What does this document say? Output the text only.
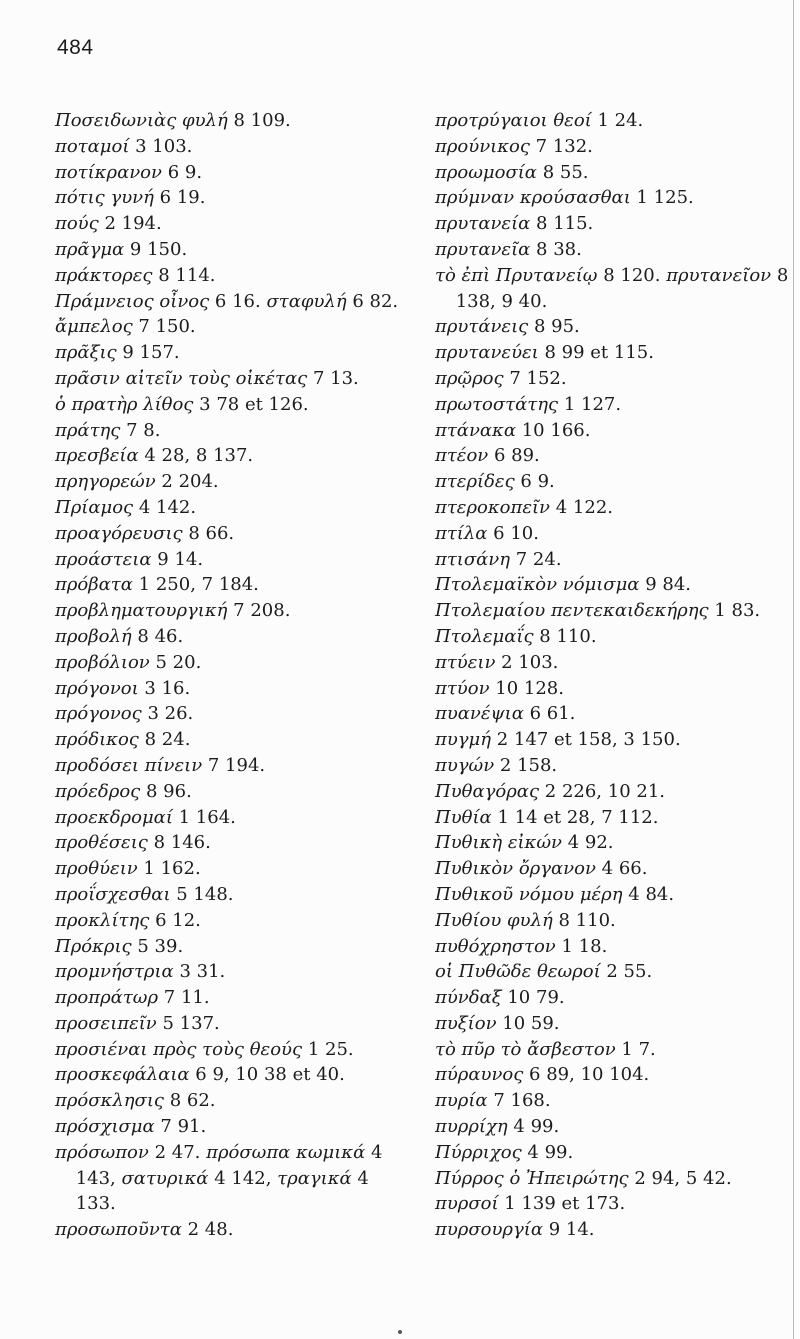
484
Ποσειδωνιὰς φυλή 8 109.
ποταμοί 3 103.
ποτίκρανον 6 9.
πότις γυνή 6 19.
πούς 2 194.
πρᾶγμα 9 150.
πράκτορες 8 114.
Πράμνειος οἶνος 6 16. σταφυλή 6 82.
ἄμπελος 7 150.
πρᾶξις 9 157.
πρᾶσιν αἰτεῖν τοὺς οἰκέτας 7 13.
ὁ πρατὴρ λίθος 3 78 et 126.
πράτης 7 8.
πρεσβεία 4 28, 8 137.
πρηγορεών 2 204.
Πρίαμος 4 142.
προαγόρευσις 8 66.
προάστεια 9 14.
πρόβατα 1 250, 7 184.
προβληματουργική 7 208.
προβολή 8 46.
προβόλιον 5 20.
πρόγονοι 3 16.
πρόγονος 3 26.
πρόδικος 8 24.
προδόσει πίνειν 7 194.
πρόεδρος 8 96.
προεκδρομαί 1 164.
προθέσεις 8 146.
προθύειν 1 162.
προΐσχεσθαι 5 148.
προκλίτης 6 12.
Πρόκρις 5 39.
προμνήστρια 3 31.
προπράτωρ 7 11.
προσειπεῖν 5 137.
προσιέναι πρὸς τοὺς θεούς 1 25.
προσκεφάλαια 6 9, 10 38 et 40.
πρόσκλησις 8 62.
πρόσχισμα 7 91.
πρόσωπον 2 47. πρόσωπα κωμικά 4 143, σατυρικά 4 142, τραγικά 4 133.
προσωποῦντα 2 48.
προτρύγαιοι θεοί 1 24.
προύνικος 7 132.
προωμοσία 8 55.
πρύμναν κρούσασθαι 1 125.
πρυτανεία 8 115.
πρυτανεῖα 8 38.
τὸ ἐπὶ Πρυτανείῳ 8 120. πρυτανεῖον 8 138, 9 40.
πρυτάνεις 8 95.
πρυτανεύει 8 99 et 115.
πρῷρος 7 152.
πρωτοστάτης 1 127.
πτάνακα 10 166.
πτέον 6 89.
πτερίδες 6 9.
πτεροκοπεῖν 4 122.
πτίλα 6 10.
πτισάνη 7 24.
Πτολεμαϊκὸν νόμισμα 9 84.
Πτολεμαίου πεντεκαιδεκήρης 1 83.
Πτολεμαΐς 8 110.
πτύειν 2 103.
πτύον 10 128.
πυανέψια 6 61.
πυγμή 2 147 et 158, 3 150.
πυγών 2 158.
Πυθαγόρας 2 226, 10 21.
Πυθία 1 14 et 28, 7 112.
Πυθικὴ εἰκών 4 92.
Πυθικὸν ὄργανον 4 66.
Πυθικοῦ νόμου μέρη 4 84.
Πυθίου φυλή 8 110.
πυθόχρηστον 1 18.
οἱ Πυθῶδε θεωροί 2 55.
πύνδαξ 10 79.
πυξίον 10 59.
τὸ πῦρ τὸ ἄσβεστον 1 7.
πύραυνος 6 89, 10 104.
πυρία 7 168.
πυρρίχη 4 99.
Πύρριχος 4 99.
Πύρρος ὁ Ἠπειρώτης 2 94, 5 42.
πυρσοί 1 139 et 173.
πυρσουργία 9 14.
